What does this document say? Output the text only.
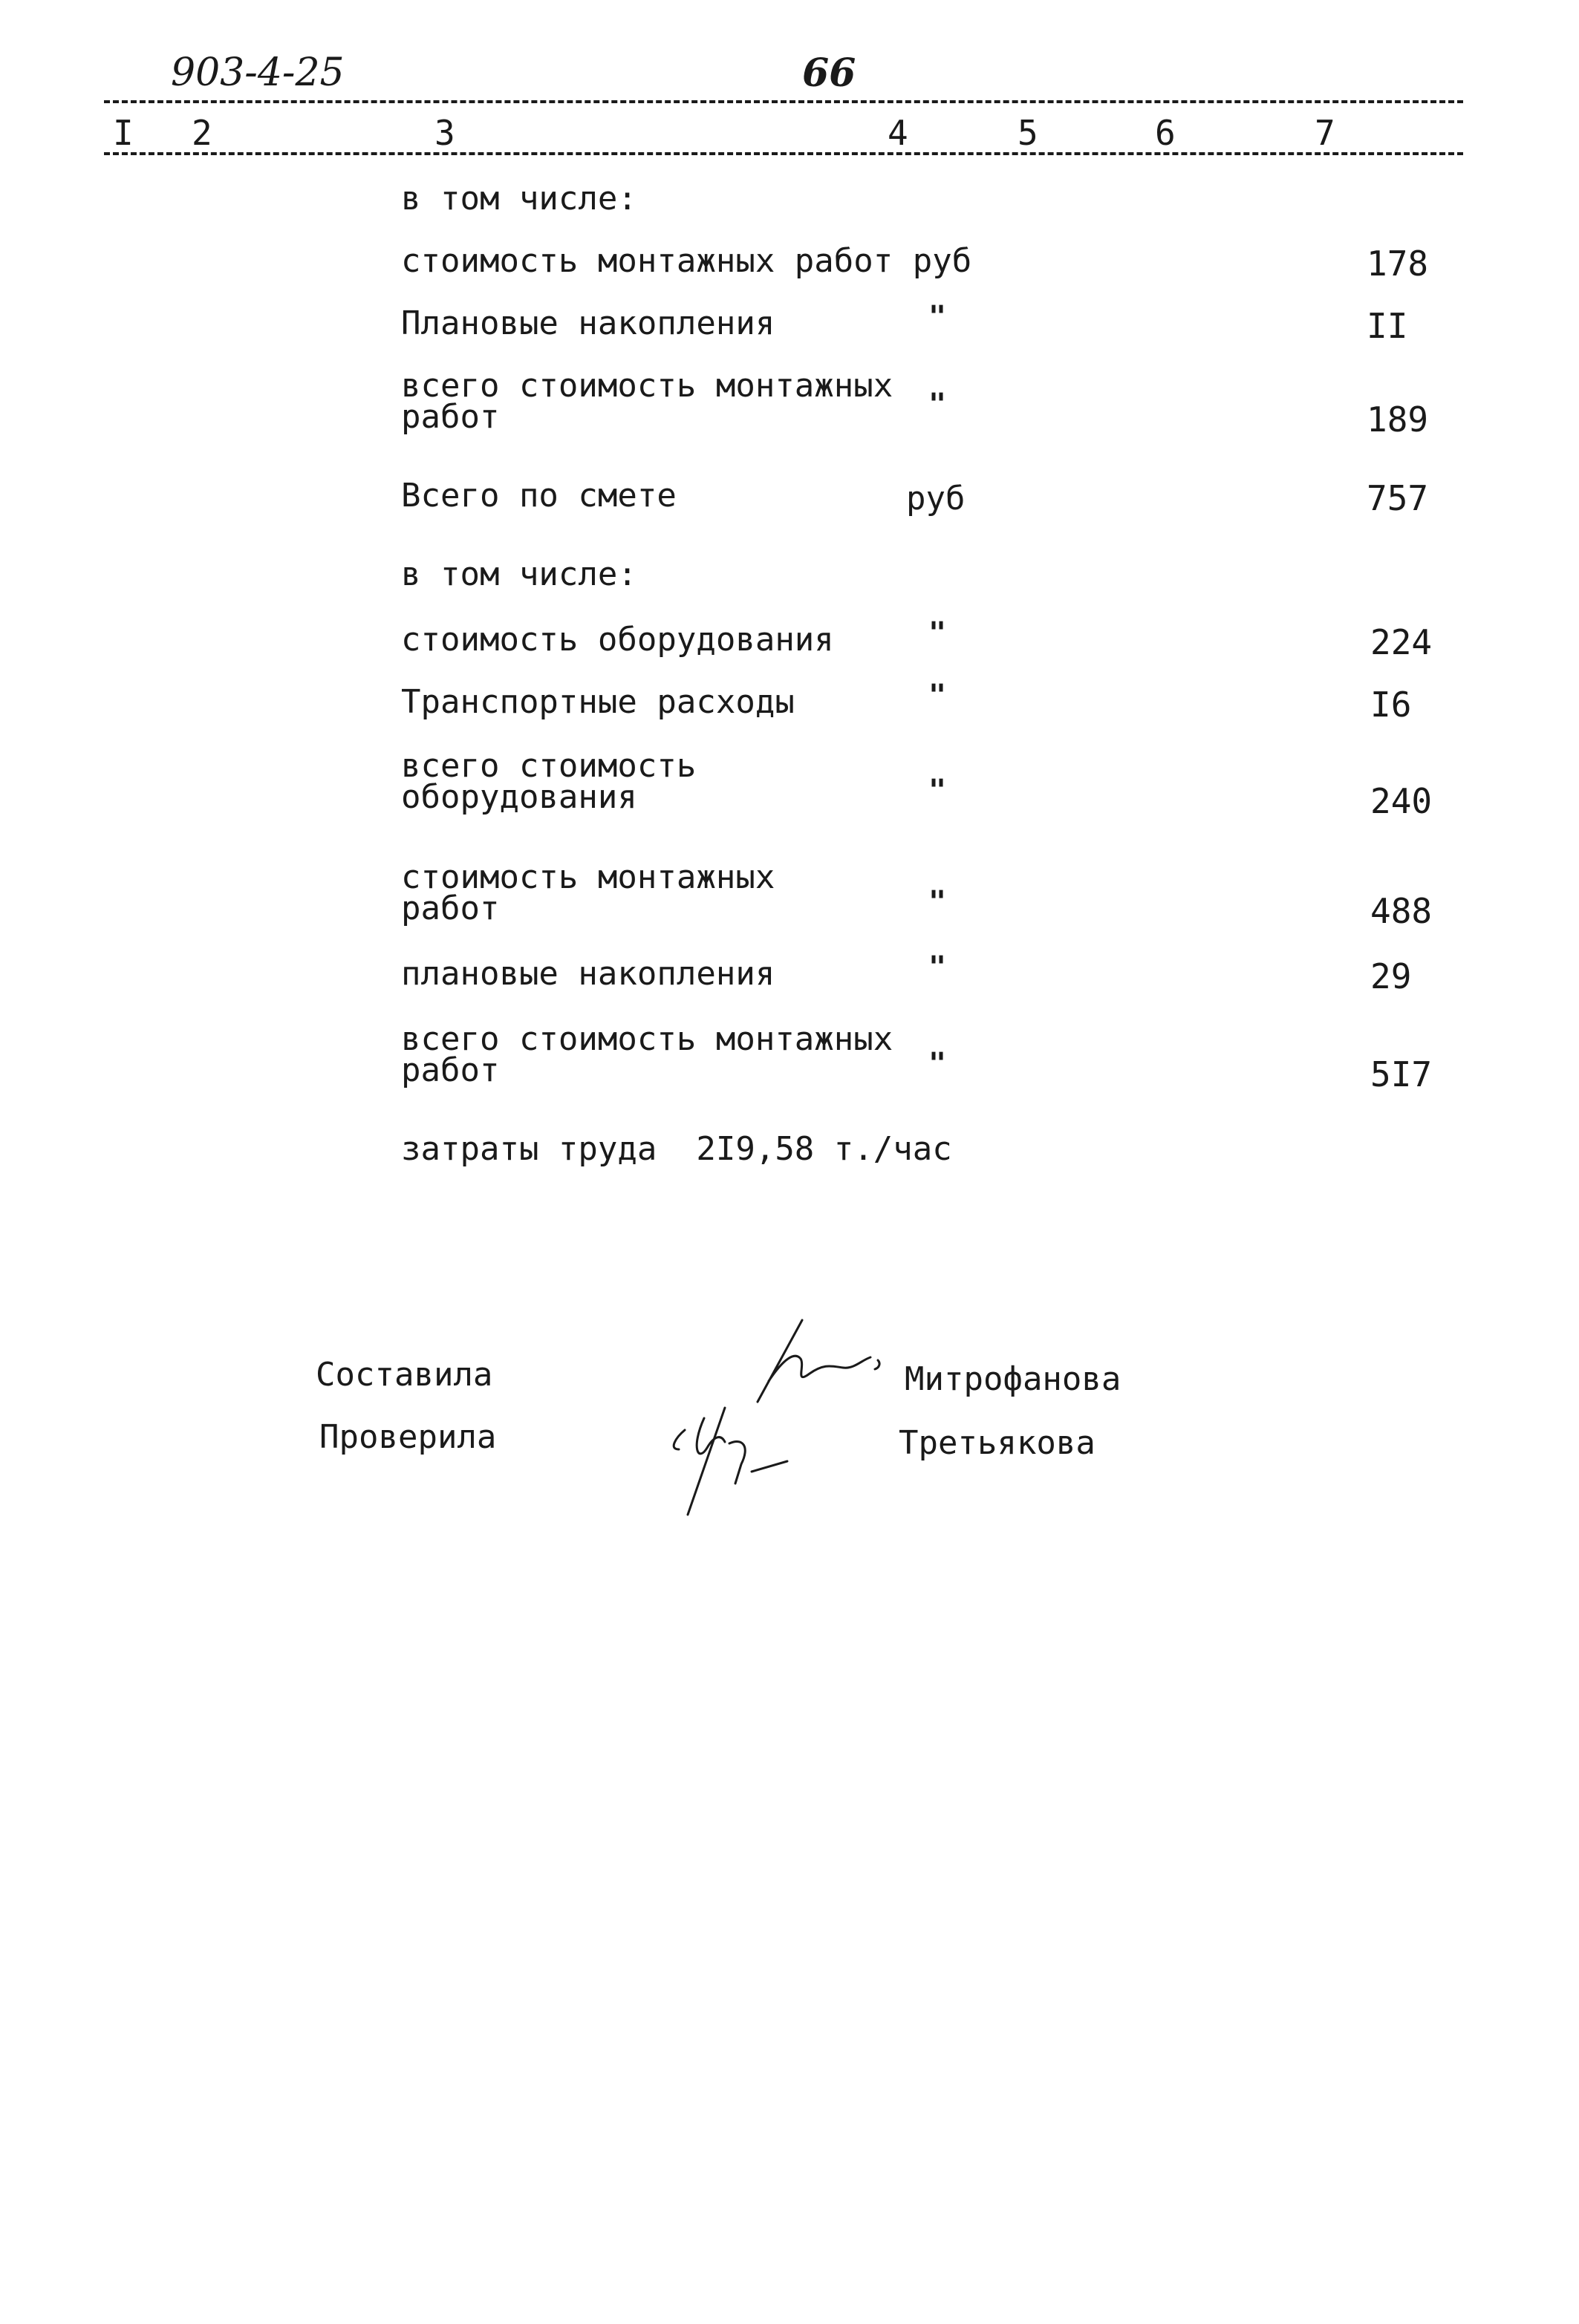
903-4-25	66
I 2	3	4	5	6	7
в том числе:
стоимость монтажных работ руб	178
Плановые накопления	"	II
всего стоимость монтажных
работ	"	189
Всего по смете	руб	757
в том числе:
стоимость оборудования	"	224
Транспортные расходы	"	I6
всего стоимость
оборудования	"	240
стоимость монтажных
работ	"	488
плановые накопления	"	29
всего стоимость монтажных
работ	"	5I7
затраты труда  2I9,58 т./час
Составила	Митрофанова
Проверила	Третьякова
